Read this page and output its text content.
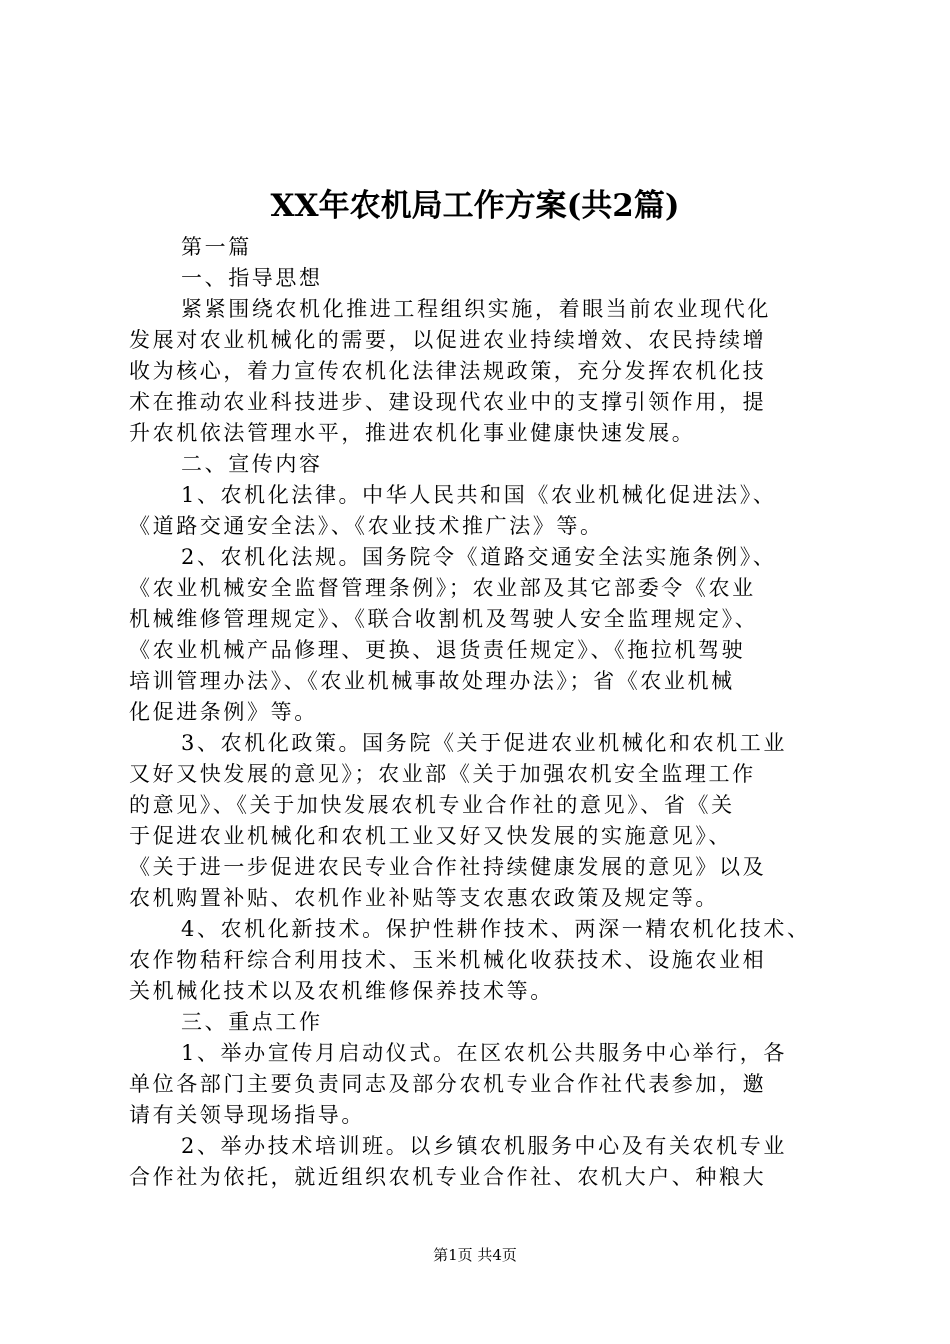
XX年农机局工作方案(共2篇)
第一篇
一、指导思想
紧紧围绕农机化推进工程组织实施，着眼当前农业现代化
发展对农业机械化的需要，以促进农业持续增效、农民持续增
收为核心，着力宣传农机化法律法规政策，充分发挥农机化技
术在推动农业科技进步、建设现代农业中的支撑引领作用，提
升农机依法管理水平，推进农机化事业健康快速发展。
二、宣传内容
1、农机化法律。中华人民共和国《农业机械化促进法》、
《道路交通安全法》、《农业技术推广法》等。
2、农机化法规。国务院令《道路交通安全法实施条例》、
《农业机械安全监督管理条例》；农业部及其它部委令《农业
机械维修管理规定》、《联合收割机及驾驶人安全监理规定》、
《农业机械产品修理、更换、退货责任规定》、《拖拉机驾驶
培训管理办法》、《农业机械事故处理办法》；省《农业机械
化促进条例》等。
3、农机化政策。国务院《关于促进农业机械化和农机工业
又好又快发展的意见》；农业部《关于加强农机安全监理工作
的意见》、《关于加快发展农机专业合作社的意见》、省《关
于促进农业机械化和农机工业又好又快发展的实施意见》、
《关于进一步促进农民专业合作社持续健康发展的意见》以及
农机购置补贴、农机作业补贴等支农惠农政策及规定等。
4、农机化新技术。保护性耕作技术、两深一精农机化技术、
农作物秸秆综合利用技术、玉米机械化收获技术、设施农业相
关机械化技术以及农机维修保养技术等。
三、重点工作
1、举办宣传月启动仪式。在区农机公共服务中心举行，各
单位各部门主要负责同志及部分农机专业合作社代表参加，邀
请有关领导现场指导。
2、举办技术培训班。以乡镇农机服务中心及有关农机专业
合作社为依托，就近组织农机专业合作社、农机大户、种粮大
第1页 共4页
